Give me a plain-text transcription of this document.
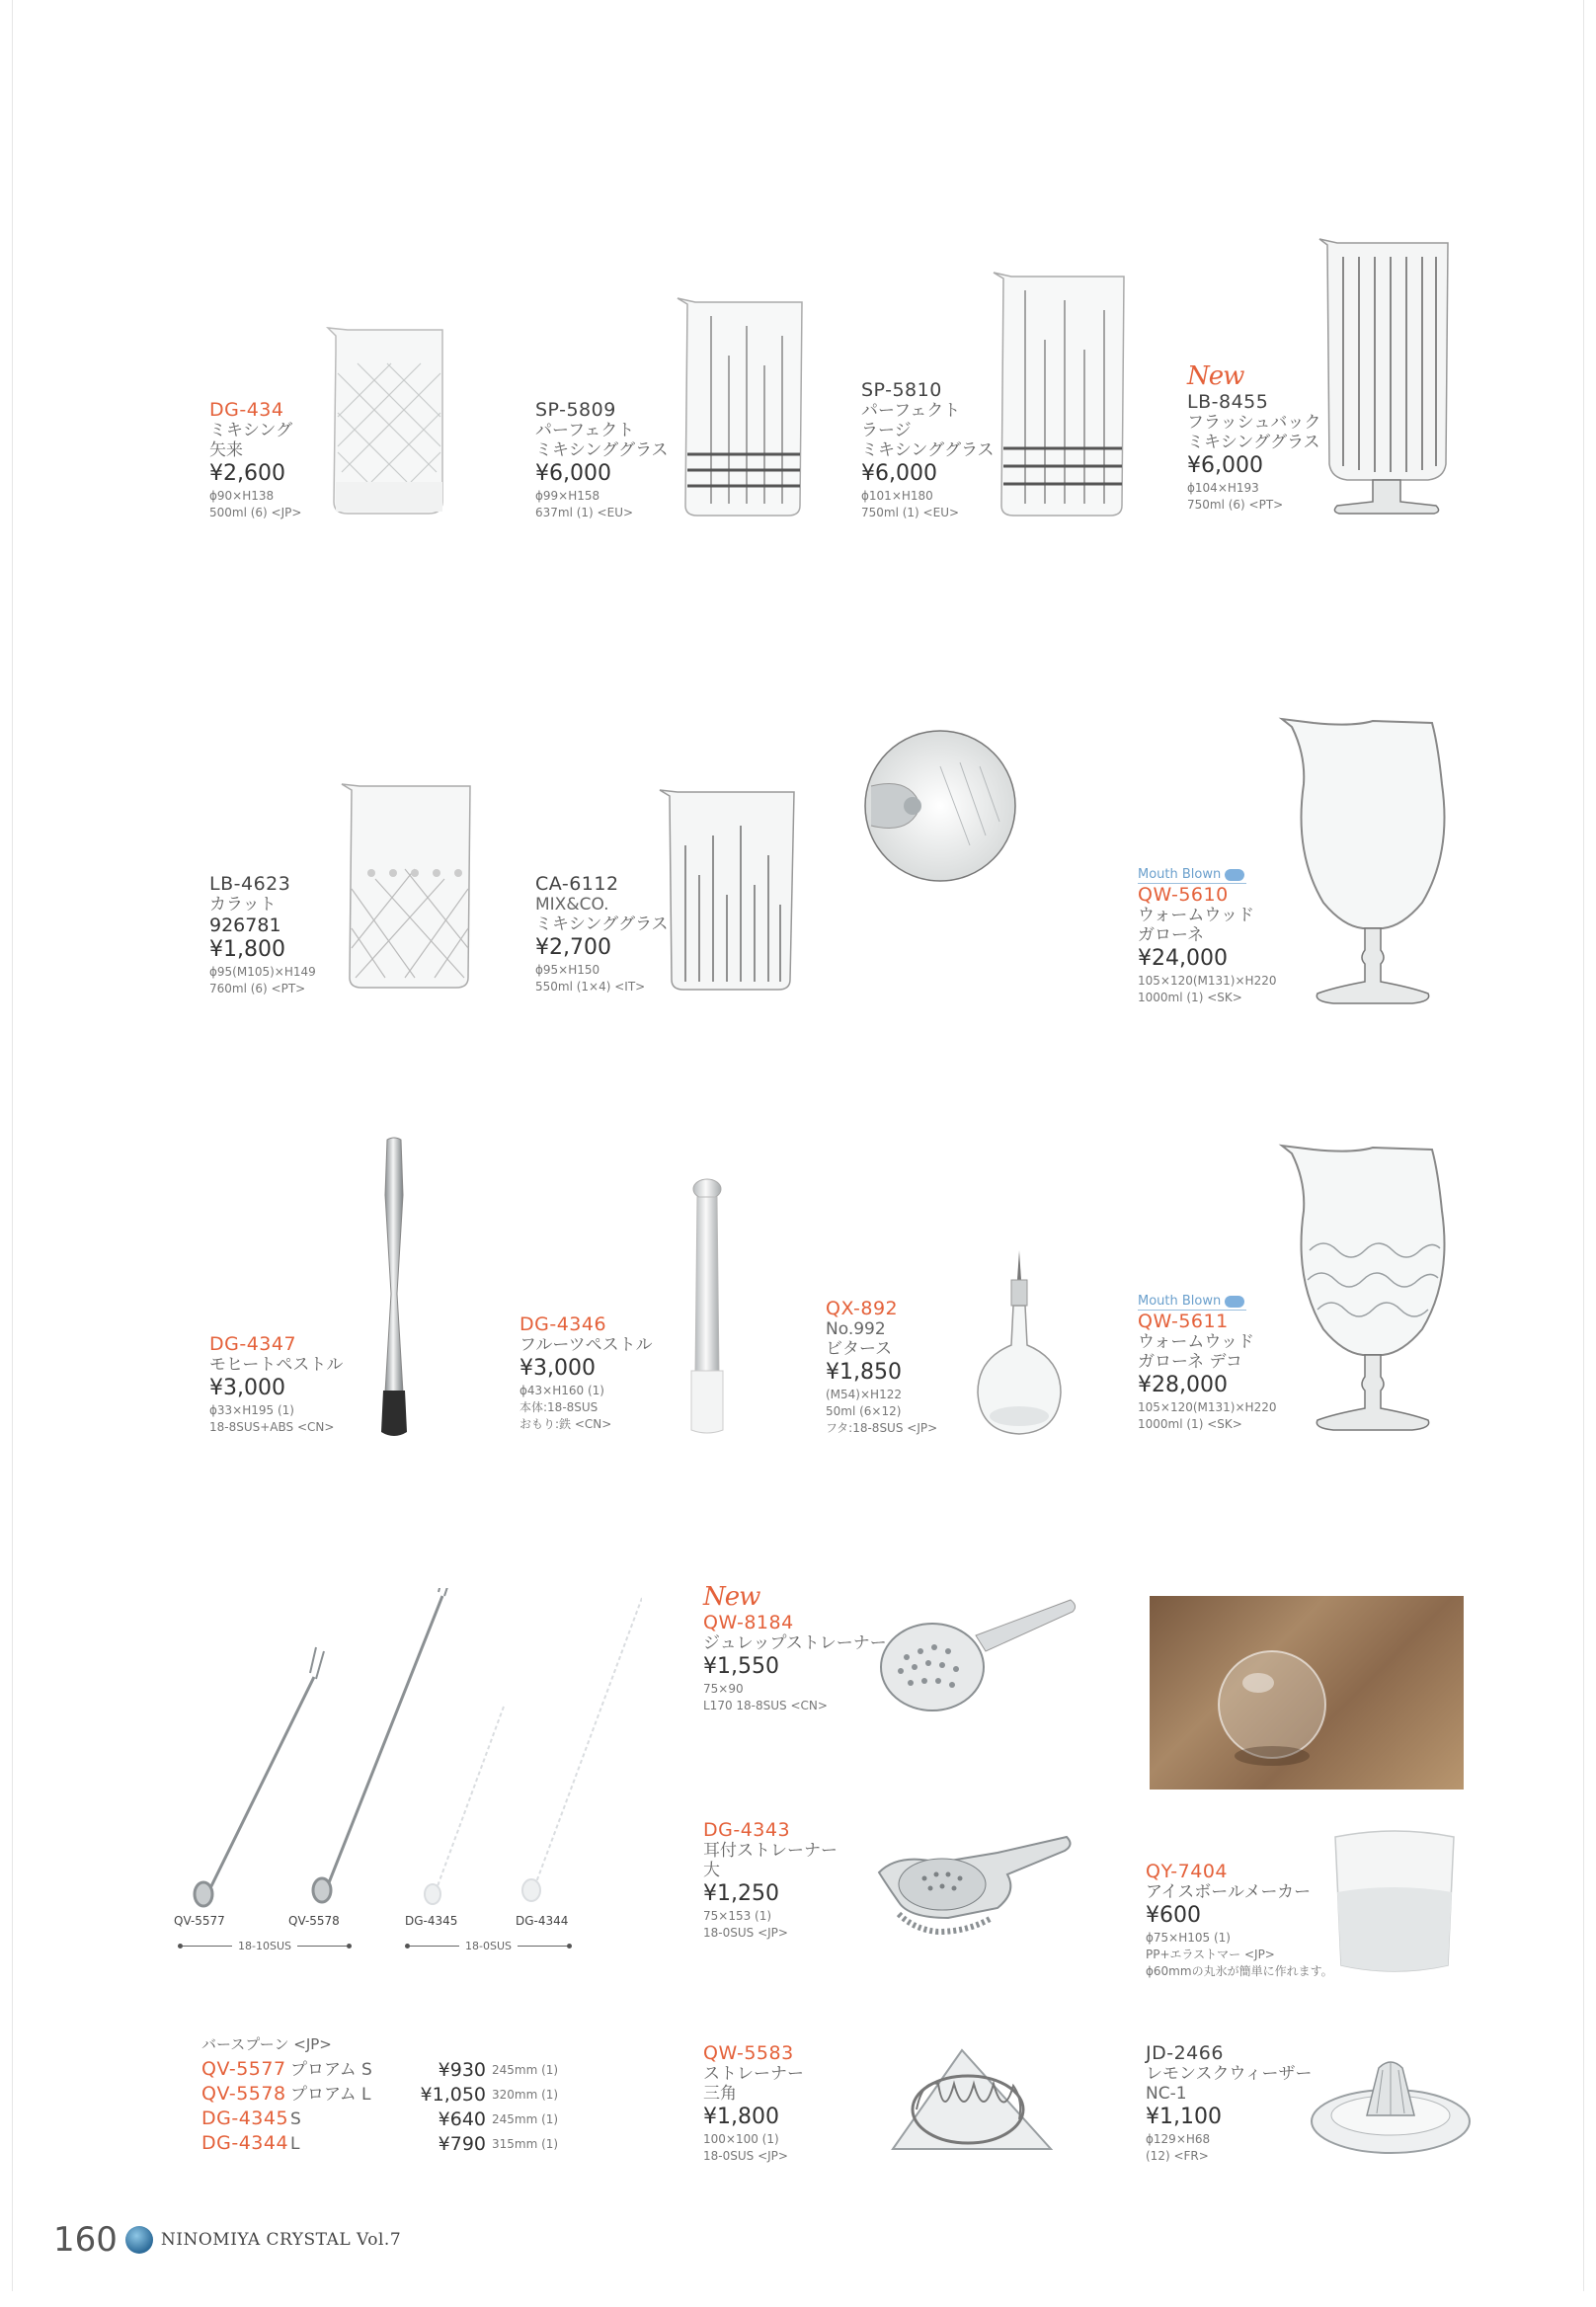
DG-434
ミキシング
矢来
¥2,600
ϕ90×H138
500ml (6) <JP>
SP-5809
パーフェクト
ミキシンググラス
¥6,000
ϕ99×H158
637ml (1) <EU>
SP-5810
パーフェクト
ラージ
ミキシンググラス
¥6,000
ϕ101×H180
750ml (1) <EU>
New
LB-8455
フラッシュバック
ミキシンググラス
¥6,000
ϕ104×H193
750ml (6) <PT>
LB-4623
カラット
926781
¥1,800
ϕ95(M105)×H149
760ml (6) <PT>
CA-6112
MIX&CO.
ミキシンググラス
¥2,700
ϕ95×H150
550ml (1×4) <IT>
Mouth Blown
QW-5610
ウォームウッド
ガローネ
¥24,000
105×120(M131)×H220
1000ml (1) <SK>
DG-4347
モヒートペストル
¥3,000
ϕ33×H195 (1)
18-8SUS+ABS <CN>
DG-4346
フルーツペストル
¥3,000
ϕ43×H160 (1)
本体:18-8SUS
おもり:鉄 <CN>
QX-892
No.992
ビタース
¥1,850
(M54)×H122
50ml (6×12)
フタ:18-8SUS <JP>
Mouth Blown
QW-5611
ウォームウッド
ガローネ デコ
¥28,000
105×120(M131)×H220
1000ml (1) <SK>
QV-5577	QV-5578	DG-4345	DG-4344
18-10SUS	18-0SUS
バースプーン <JP>
QV-5577 プロアム S	¥930 245mm (1)
QV-5578 プロアム L	¥1,050 320mm (1)
DG-4345 S	¥640 245mm (1)
DG-4344 L	¥790 315mm (1)
New
QW-8184
ジュレップストレーナー
¥1,550
75×90
L170 18-8SUS <CN>
DG-4343
耳付ストレーナー
大
¥1,250
75×153 (1)
18-0SUS <JP>
QY-7404
アイスボールメーカー
¥600
ϕ75×H105 (1)
PP+エラストマー <JP>
ϕ60mmの丸氷が簡単に作れます。
QW-5583
ストレーナー
三角
¥1,800
100×100 (1)
18-0SUS <JP>
JD-2466
レモンスクウィーザー
NC-1
¥1,100
ϕ129×H68
(12) <FR>
160	NINOMIYA CRYSTAL Vol.7
